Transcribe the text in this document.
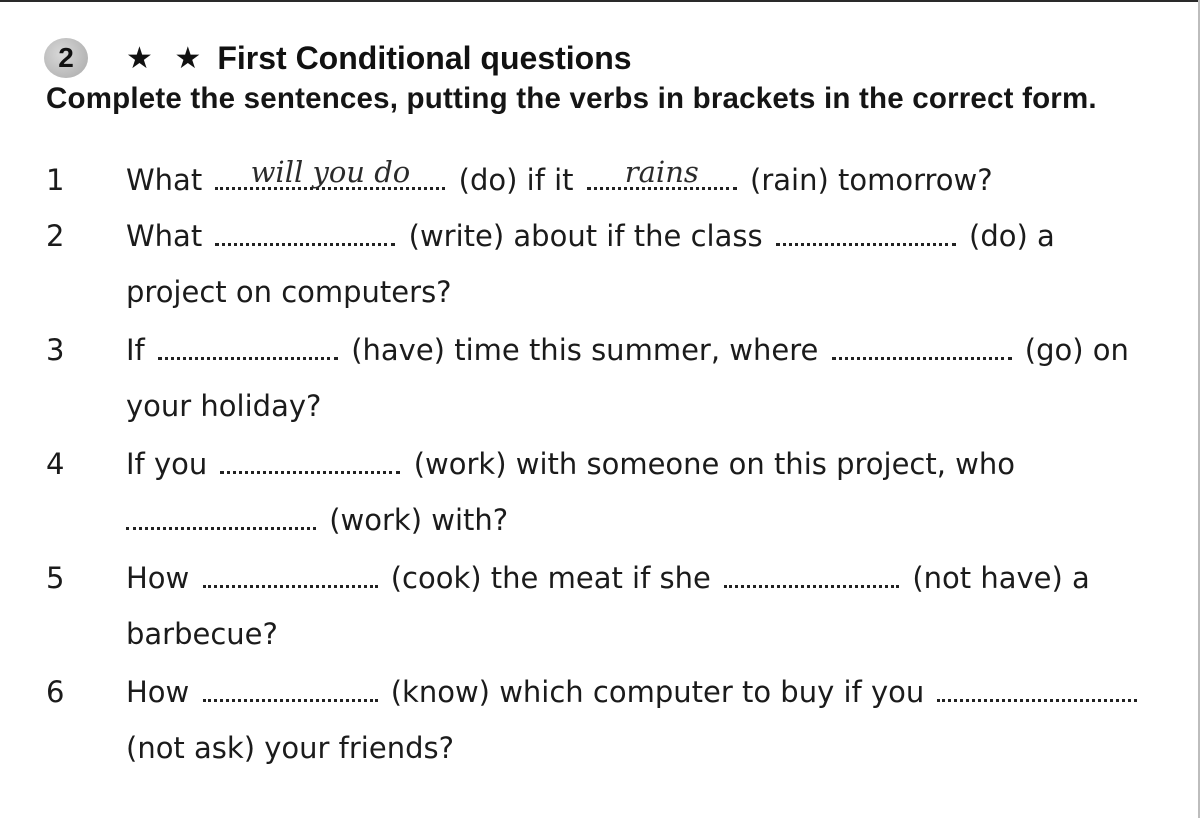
2 ★ ★ First Conditional questions
Complete the sentences, putting the verbs in brackets in the correct form.
1 What	will you do	(do) if it	rains	(rain) tomorrow?
2 What	(write) about if the class	(do) a
project on computers?
3 If	(have) time this summer, where	(go) on
your holiday?
4 If you	(work) with someone on this project, who
(work) with?
5 How	(cook) the meat if she	(not have) a
barbecue?
6 How	(know) which computer to buy if you
(not ask) your friends?
